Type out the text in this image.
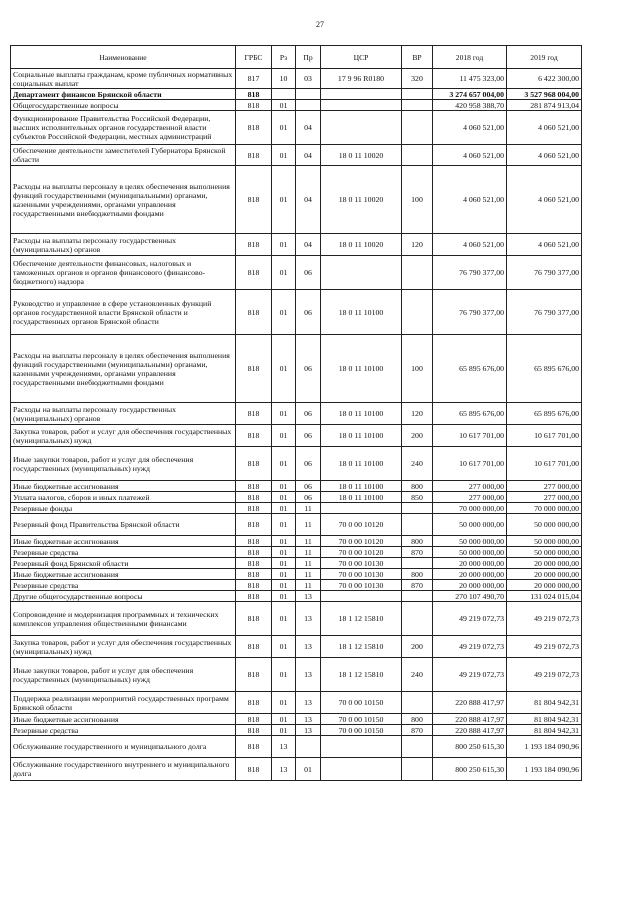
27
Наименование	ГРБС	Рз	Пр	ЦСР	ВР	2018 год	2019 год
Социальные выплаты гражданам, кроме публичных нормативных социальных выплат	817	10	03	17 9 96 R0180	320	11 475 323,00	6 422 300,00
Департамент финансов Брянской области	818					3 274 657 004,00	3 527 968 004,00
Общегосударственные вопросы	818	01				420 958 388,70	281 874 913,04
Функционирование Правительства Российской Федерации, высших исполнительных органов государственной власти субъектов Российской Федерации, местных администраций	818	01	04			4 060 521,00	4 060 521,00
Обеспечение деятельности заместителей Губернатора Брянской области	818	01	04	18 0 11 10020		4 060 521,00	4 060 521,00
Расходы на выплаты персоналу в целях обеспечения выполнения функций государственными (муниципальными) органами, казенными учреждениями, органами управления государственными внебюджетными фондами	818	01	04	18 0 11 10020	100	4 060 521,00	4 060 521,00
Расходы на выплаты персоналу государственных (муниципальных) органов	818	01	04	18 0 11 10020	120	4 060 521,00	4 060 521,00
Обеспечение деятельности финансовых, налоговых и таможенных органов и органов финансового (финансово-бюджетного) надзора	818	01	06			76 790 377,00	76 790 377,00
Руководство и управление в сфере установленных функций органов государственной власти Брянской области и государственных органов Брянской области	818	01	06	18 0 11 10100		76 790 377,00	76 790 377,00
Расходы на выплаты персоналу в целях обеспечения выполнения функций государственными (муниципальными) органами, казенными учреждениями, органами управления государственными внебюджетными фондами	818	01	06	18 0 11 10100	100	65 895 676,00	65 895 676,00
Расходы на выплаты персоналу государственных (муниципальных) органов	818	01	06	18 0 11 10100	120	65 895 676,00	65 895 676,00
Закупка товаров, работ и услуг для обеспечения государственных (муниципальных) нужд	818	01	06	18 0 11 10100	200	10 617 701,00	10 617 701,00
Иные закупки товаров, работ и услуг для обеспечения государственных (муниципальных) нужд	818	01	06	18 0 11 10100	240	10 617 701,00	10 617 701,00
Иные бюджетные ассигнования	818	01	06	18 0 11 10100	800	277 000,00	277 000,00
Уплата налогов, сборов и иных платежей	818	01	06	18 0 11 10100	850	277 000,00	277 000,00
Резервные фонды	818	01	11			70 000 000,00	70 000 000,00
Резервный фонд Правительства Брянской области	818	01	11	70 0 00 10120		50 000 000,00	50 000 000,00
Иные бюджетные ассигнования	818	01	11	70 0 00 10120	800	50 000 000,00	50 000 000,00
Резервные средства	818	01	11	70 0 00 10120	870	50 000 000,00	50 000 000,00
Резервный фонд Брянской области	818	01	11	70 0 00 10130		20 000 000,00	20 000 000,00
Иные бюджетные ассигнования	818	01	11	70 0 00 10130	800	20 000 000,00	20 000 000,00
Резервные средства	818	01	11	70 0 00 10130	870	20 000 000,00	20 000 000,00
Другие общегосударственные вопросы	818	01	13			270 107 490,70	131 024 015,04
Сопровождение и модернизация программных и технических комплексов управления общественными финансами	818	01	13	18 1 12 15810		49 219 072,73	49 219 072,73
Закупка товаров, работ и услуг для обеспечения государственных (муниципальных) нужд	818	01	13	18 1 12 15810	200	49 219 072,73	49 219 072,73
Иные закупки товаров, работ и услуг для обеспечения государственных (муниципальных) нужд	818	01	13	18 1 12 15810	240	49 219 072,73	49 219 072,73
Поддержка реализации мероприятий государственных программ Брянской области	818	01	13	70 0 00 10150		220 888 417,97	81 804 942,31
Иные бюджетные ассигнования	818	01	13	70 0 00 10150	800	220 888 417,97	81 804 942,31
Резервные средства	818	01	13	70 0 00 10150	870	220 888 417,97	81 804 942,31
Обслуживание государственного и муниципального долга	818	13				800 250 615,30	1 193 184 090,96
Обслуживание государственного внутреннего и муниципального долга	818	13	01			800 250 615,30	1 193 184 090,96
